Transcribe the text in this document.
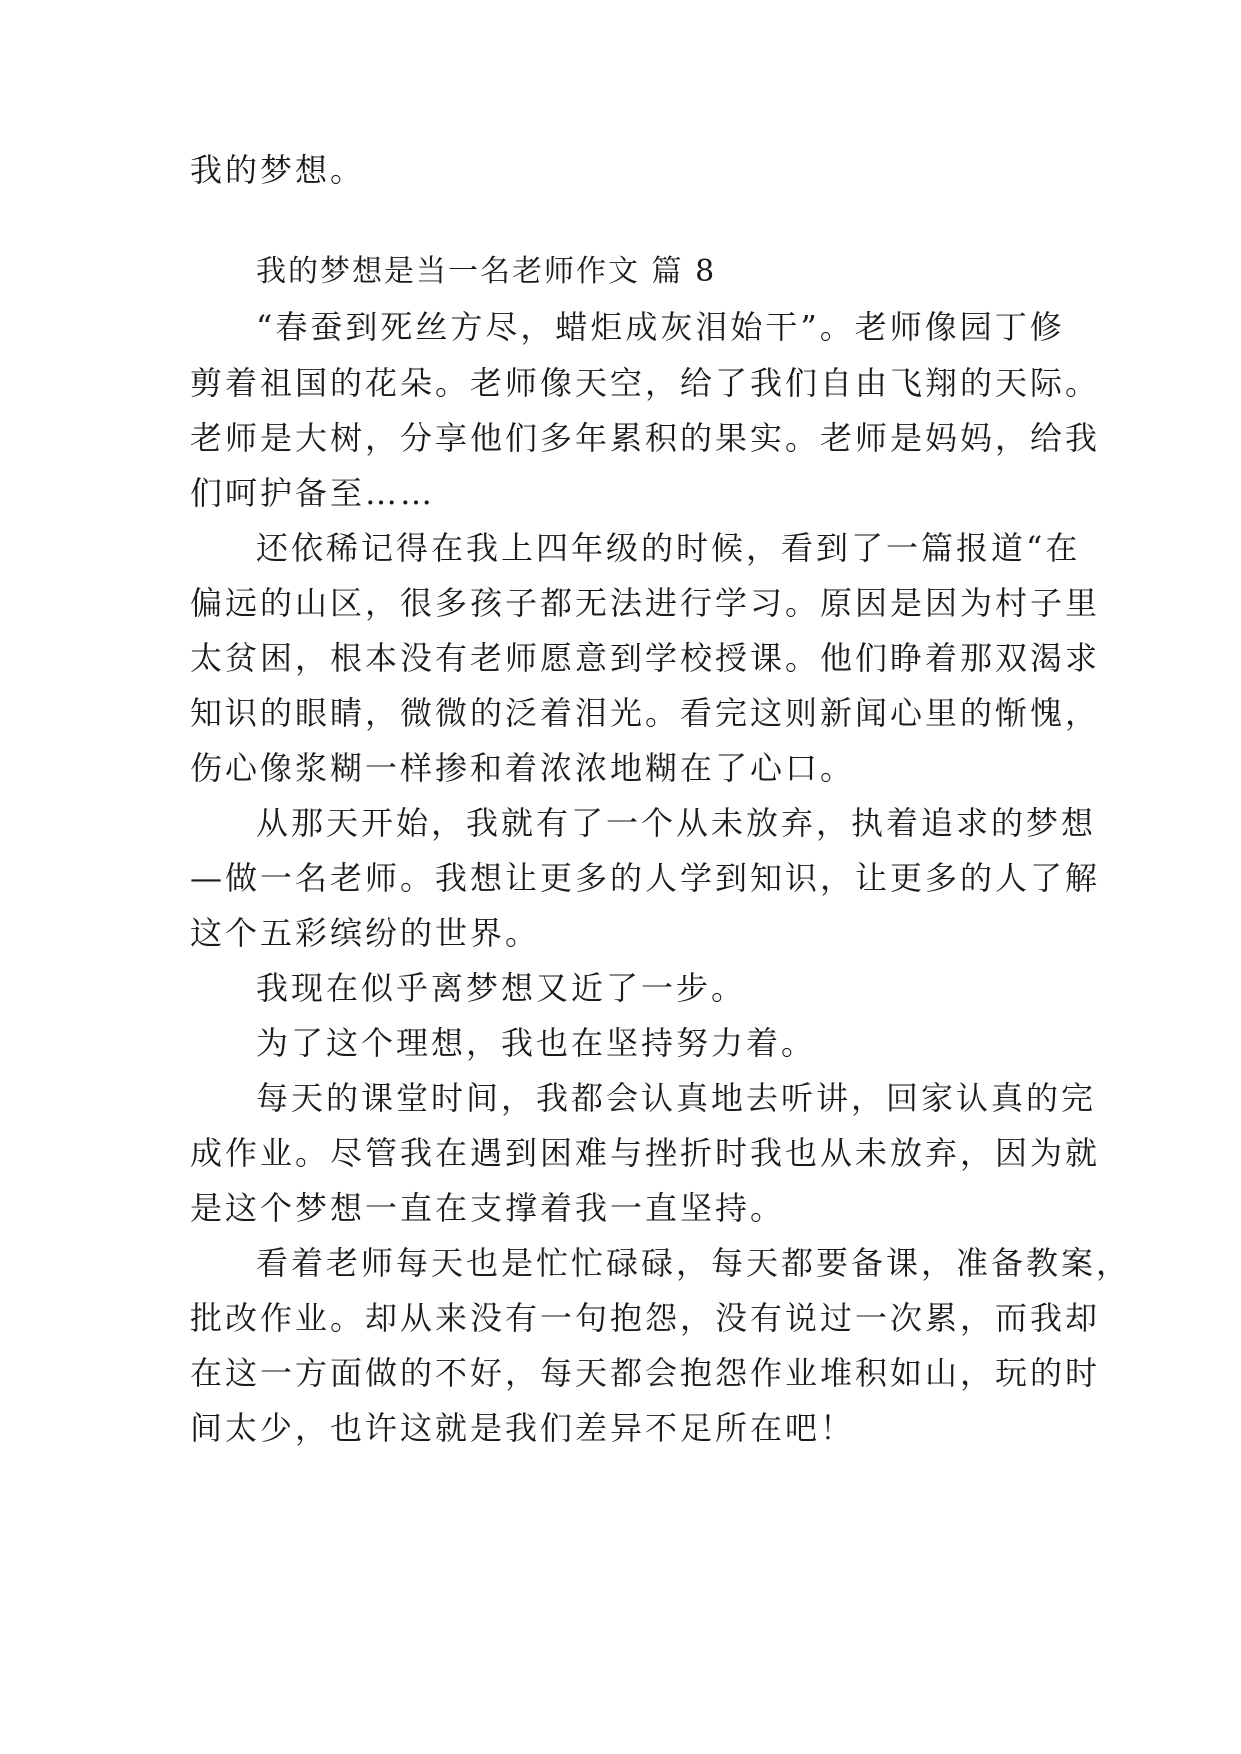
我的梦想。
我的梦想是当一名老师作文 篇 8
“春蚕到死丝方尽，蜡炬成灰泪始干”。老师像园丁修
剪着祖国的花朵。老师像天空，给了我们自由飞翔的天际。
老师是大树，分享他们多年累积的果实。老师是妈妈，给我
们呵护备至……
还依稀记得在我上四年级的时候，看到了一篇报道“在
偏远的山区，很多孩子都无法进行学习。原因是因为村子里
太贫困，根本没有老师愿意到学校授课。他们睁着那双渴求
知识的眼睛，微微的泛着泪光。看完这则新闻心里的惭愧，
伤心像浆糊一样掺和着浓浓地糊在了心口。
从那天开始，我就有了一个从未放弃，执着追求的梦想
—做一名老师。我想让更多的人学到知识，让更多的人了解
这个五彩缤纷的世界。
我现在似乎离梦想又近了一步。
为了这个理想，我也在坚持努力着。
每天的课堂时间，我都会认真地去听讲，回家认真的完
成作业。尽管我在遇到困难与挫折时我也从未放弃，因为就
是这个梦想一直在支撑着我一直坚持。
看着老师每天也是忙忙碌碌，每天都要备课，准备教案，
批改作业。却从来没有一句抱怨，没有说过一次累，而我却
在这一方面做的不好，每天都会抱怨作业堆积如山，玩的时
间太少，也许这就是我们差异不足所在吧！
